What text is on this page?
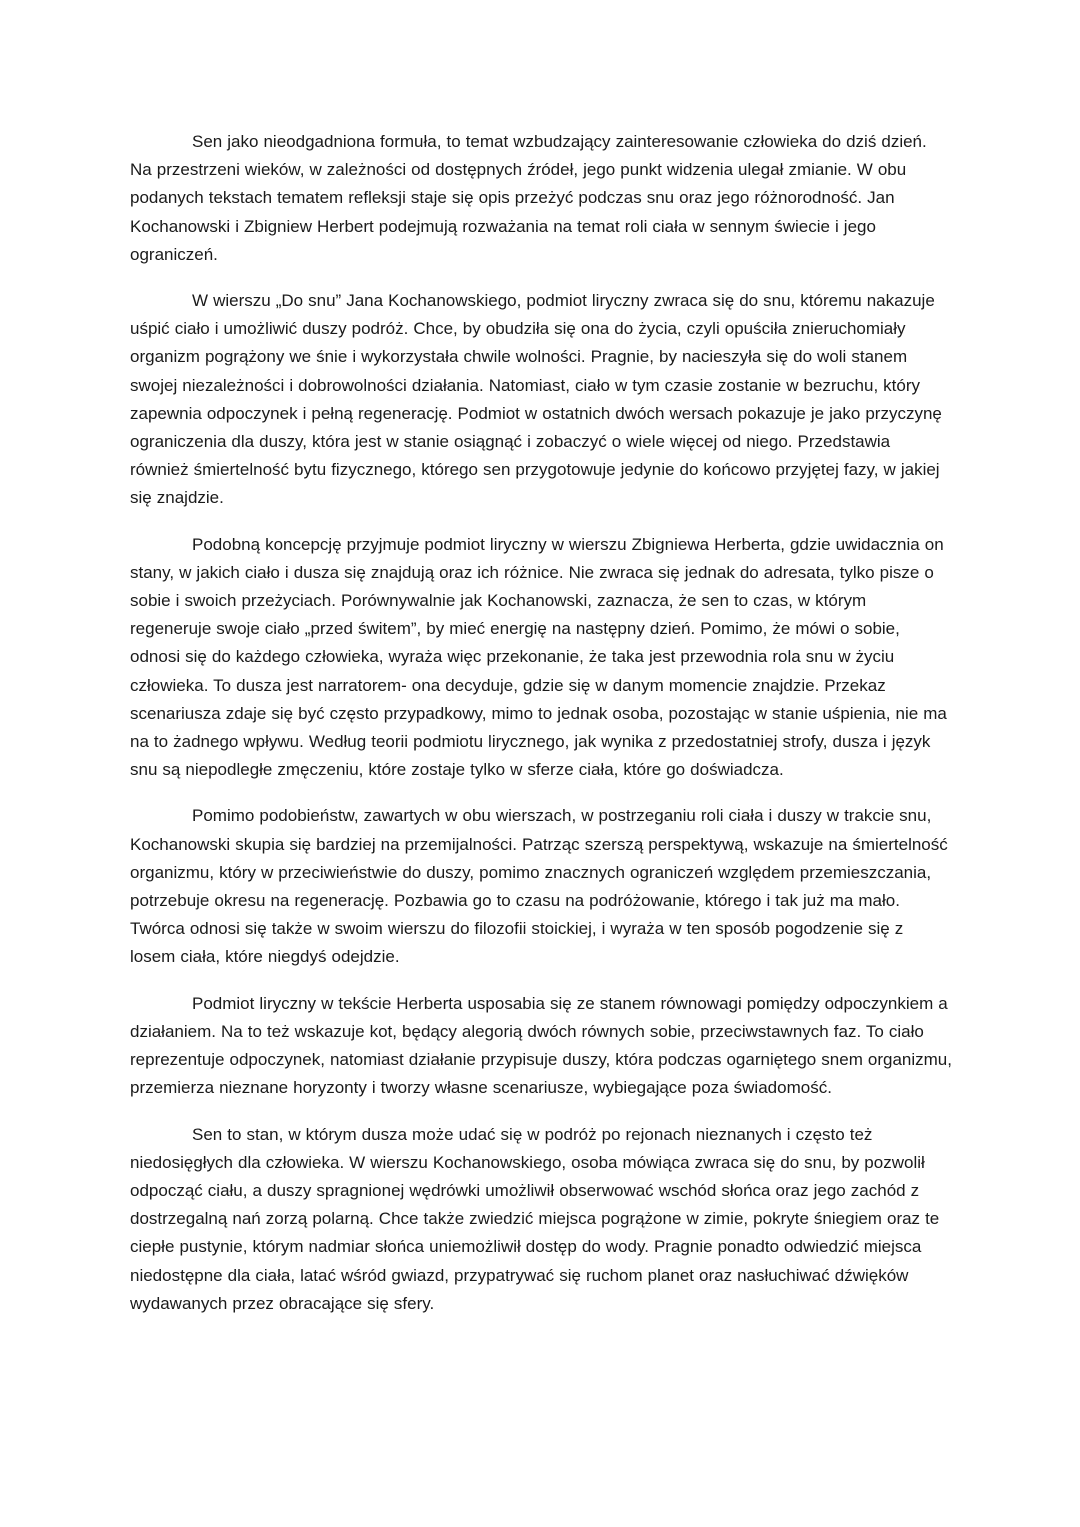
Sen jako nieodgadniona formuła, to temat wzbudzający zainteresowanie człowieka do dziś dzień. Na przestrzeni wieków, w zależności od dostępnych źródeł, jego punkt widzenia ulegał zmianie. W obu podanych tekstach tematem refleksji staje się opis przeżyć podczas snu oraz jego różnorodność. Jan Kochanowski i Zbigniew Herbert podejmują rozważania na temat roli ciała w sennym świecie i jego ograniczeń.

W wierszu „Do snu” Jana Kochanowskiego, podmiot liryczny zwraca się do snu, któremu nakazuje uśpić ciało i umożliwić duszy podróż. Chce, by obudziła się ona do życia, czyli opuściła znieruchomiały organizm pogrążony we śnie i wykorzystała chwile wolności. Pragnie, by nacieszyła się do woli stanem swojej niezależności i dobrowolności działania. Natomiast, ciało w tym czasie zostanie w bezruchu, który zapewnia odpoczynek i pełną regenerację. Podmiot w ostatnich dwóch wersach pokazuje je jako przyczynę ograniczenia dla duszy, która jest w stanie osiągnąć i zobaczyć o wiele więcej od niego. Przedstawia również śmiertelność bytu fizycznego, którego sen przygotowuje jedynie do końcowo przyjętej fazy, w jakiej się znajdzie.

Podobną koncepcję przyjmuje podmiot liryczny w wierszu Zbigniewa Herberta, gdzie uwidacznia on stany, w jakich ciało i dusza się znajdują oraz ich różnice. Nie zwraca się jednak do adresata, tylko pisze o sobie i swoich przeżyciach. Porównywalnie jak Kochanowski, zaznacza, że sen to czas, w którym regeneruje swoje ciało „przed świtem”, by mieć energię na następny dzień. Pomimo, że mówi o sobie, odnosi się do każdego człowieka, wyraża więc przekonanie, że taka jest przewodnia rola snu w życiu człowieka. To dusza jest narratorem- ona decyduje, gdzie się w danym momencie znajdzie. Przekaz scenariusza zdaje się być często przypadkowy, mimo to jednak osoba, pozostając w stanie uśpienia, nie ma na to żadnego wpływu. Według teorii podmiotu lirycznego, jak wynika z przedostatniej strofy, dusza i język snu są niepodległe zmęczeniu, które zostaje tylko w sferze ciała, które go doświadcza.

Pomimo podobieństw, zawartych w obu wierszach, w postrzeganiu roli ciała i duszy w trakcie snu, Kochanowski skupia się bardziej na przemijalności. Patrząc szerszą perspektywą, wskazuje na śmiertelność organizmu, który w przeciwieństwie do duszy, pomimo znacznych ograniczeń względem przemieszczania, potrzebuje okresu na regenerację. Pozbawia go to czasu na podróżowanie, którego i tak już ma mało. Twórca odnosi się także w swoim wierszu do filozofii stoickiej, i wyraża w ten sposób pogodzenie się z losem ciała, które niegdyś odejdzie.

Podmiot liryczny w tekście Herberta usposabia się ze stanem równowagi pomiędzy odpoczynkiem a działaniem. Na to też wskazuje kot, będący alegorią dwóch równych sobie, przeciwstawnych faz. To ciało reprezentuje odpoczynek, natomiast działanie przypisuje duszy, która podczas ogarniętego snem organizmu, przemierza nieznane horyzonty i tworzy własne scenariusze, wybiegające poza świadomość.

Sen to stan, w którym dusza może udać się w podróż po rejonach nieznanych i często też niedosięgłych dla człowieka. W wierszu Kochanowskiego, osoba mówiąca zwraca się do snu, by pozwolił odpocząć ciału, a duszy spragnionej wędrówki umożliwił obserwować wschód słońca oraz jego zachód z dostrzegalną nań zorzą polarną. Chce także zwiedzić miejsca pogrążone w zimie, pokryte śniegiem oraz te ciepłe pustynie, którym nadmiar słońca uniemożliwił dostęp do wody. Pragnie ponadto odwiedzić miejsca niedostępne dla ciała, latać wśród gwiazd, przypatrywać się ruchom planet oraz nasłuchiwać dźwięków wydawanych przez obracające się sfery.
